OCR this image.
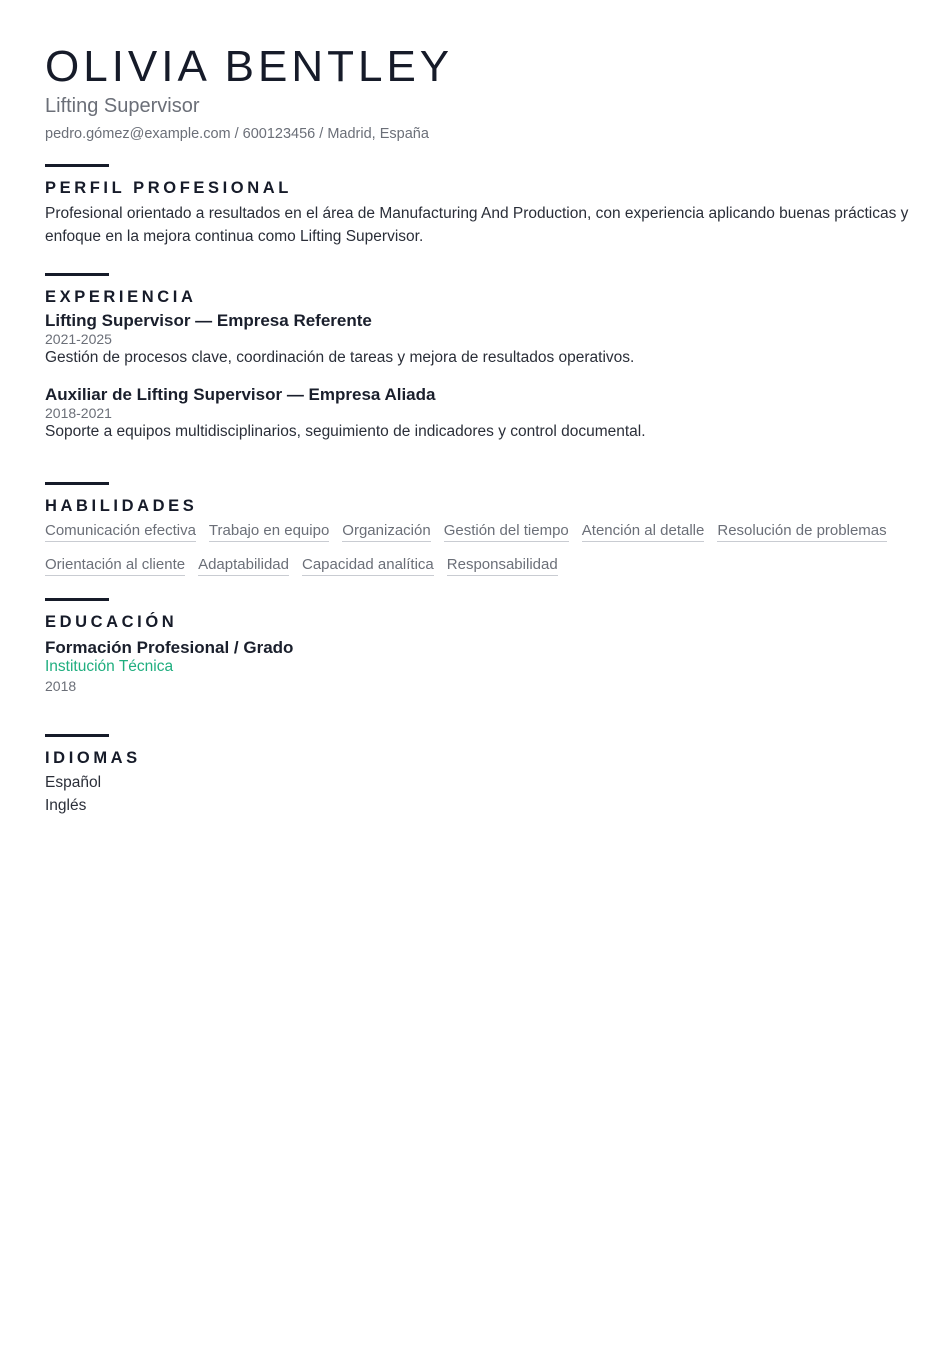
OLIVIA BENTLEY
Lifting Supervisor
pedro.gómez@example.com / 600123456 / Madrid, España
PERFIL PROFESIONAL
Profesional orientado a resultados en el área de Manufacturing And Production, con experiencia aplicando buenas prácticas y enfoque en la mejora continua como Lifting Supervisor.
EXPERIENCIA
Lifting Supervisor — Empresa Referente
2021-2025
Gestión de procesos clave, coordinación de tareas y mejora de resultados operativos.
Auxiliar de Lifting Supervisor — Empresa Aliada
2018-2021
Soporte a equipos multidisciplinarios, seguimiento de indicadores y control documental.
HABILIDADES
Comunicación efectiva Trabajo en equipo Organización Gestión del tiempo Atención al detalle Resolución de problemas
Orientación al cliente Adaptabilidad Capacidad analítica Responsabilidad
EDUCACIÓN
Formación Profesional / Grado
Institución Técnica
2018
IDIOMAS
Español
Inglés
